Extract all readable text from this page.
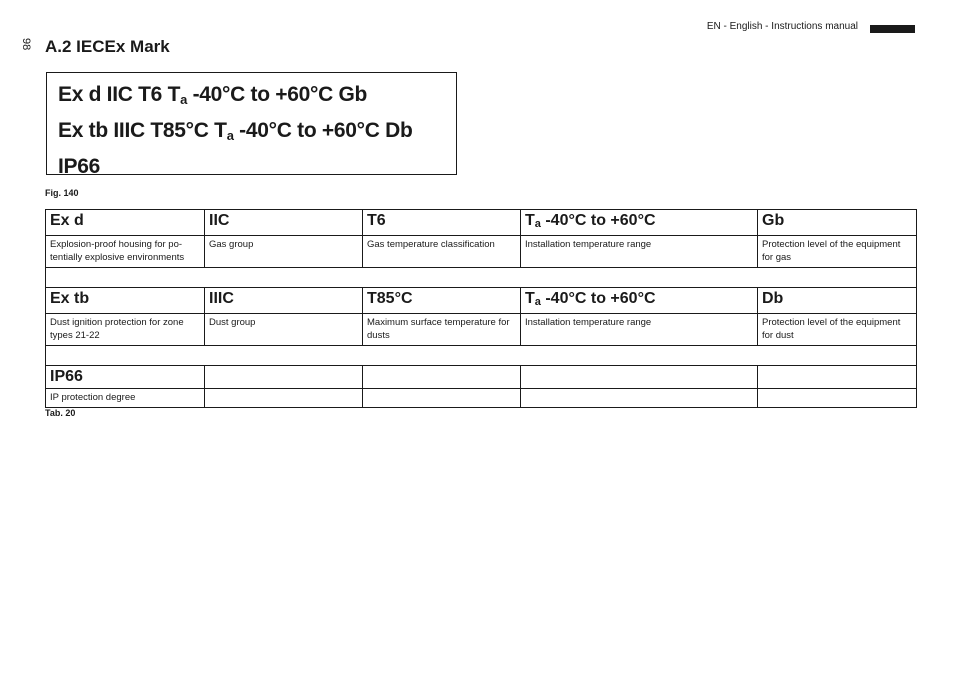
98
EN - English - Instructions manual
A.2 IECEx Mark
Ex d IIC T6 $T_a$ -40°C to +60°C Gb
Ex tb IIIC T85°C $T_a$ -40°C to +60°C Db
IP66
Fig. 140
Ex d	IIC	T6	$T_a$ -40°C to +60°C	Gb
Explosion-proof housing for po-tentially explosive environments	Gas group	Gas temperature classification	Installation temperature range	Protection level of the equipment for gas

Ex tb	IIIC	T85°C	$T_a$ -40°C to +60°C	Db
Dust ignition protection for zone types 21-22	Dust group	Maximum surface temperature for dusts	Installation temperature range	Protection level of the equipment for dust

IP66				
IP protection degree				
Tab. 20
